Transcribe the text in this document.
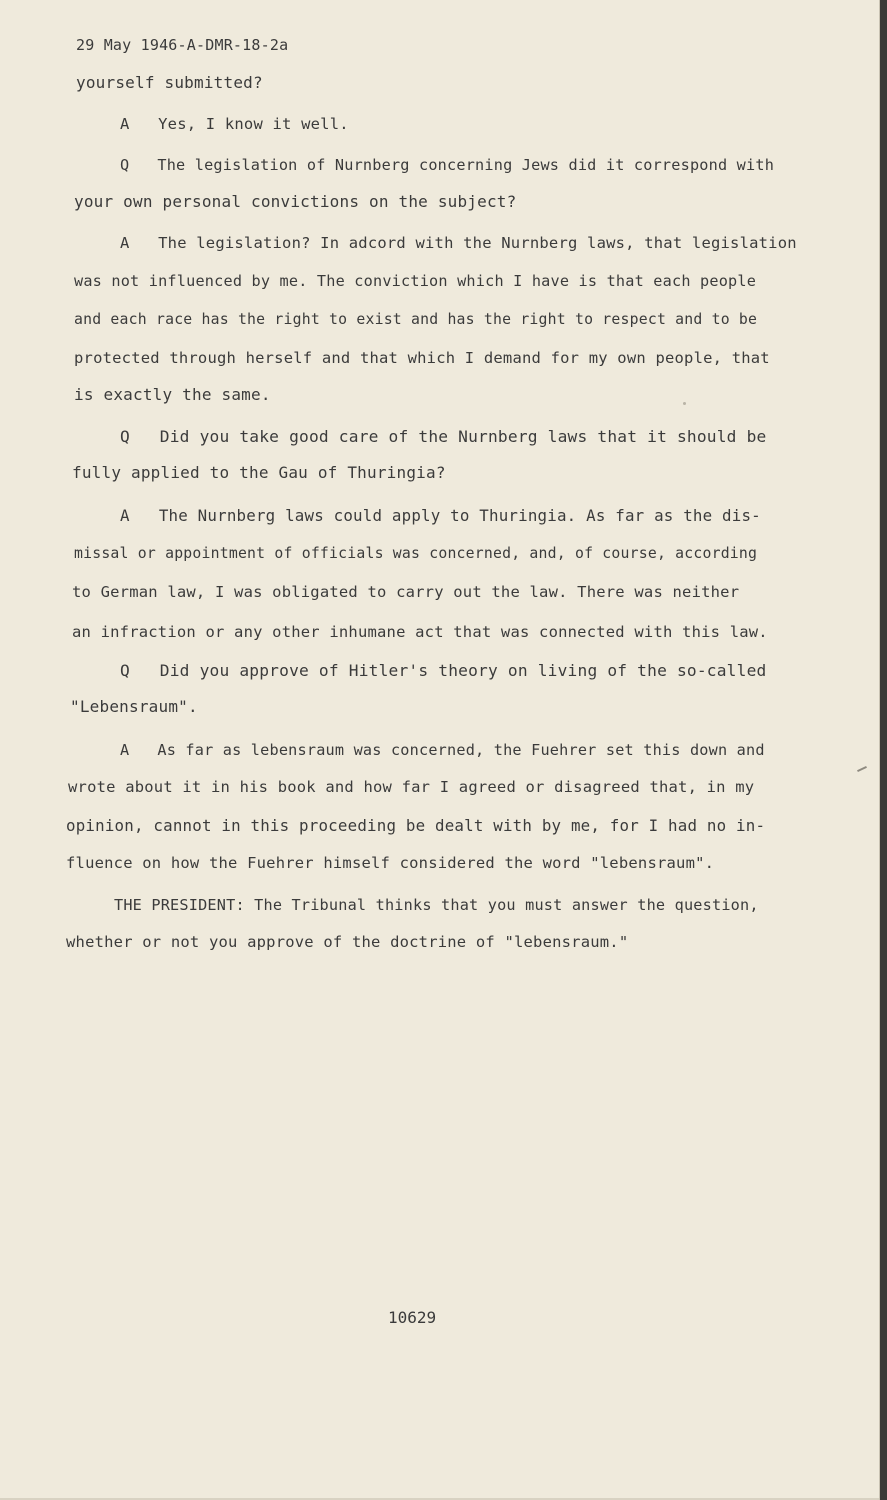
29 May 1946-A-DMR-18-2a
yourself submitted?
A   Yes, I know it well.
Q   The legislation of Nurnberg concerning Jews did it correspond with
your own personal convictions on the subject?
A   The legislation? In adcord with the Nurnberg laws, that legislation
was not influenced by me. The conviction which I have is that each people
and each race has the right to exist and has the right to respect and to be
protected through herself and that which I demand for my own people, that
is exactly the same.
Q   Did you take good care of the Nurnberg laws that it should be
fully applied to the Gau of Thuringia?
A   The Nurnberg laws could apply to Thuringia. As far as the dis-
missal or appointment of officials was concerned, and, of course, according
to German law, I was obligated to carry out the law. There was neither
an infraction or any other inhumane act that was connected with this law.
Q   Did you approve of Hitler's theory on living of the so-called
"Lebensraum".
A   As far as lebensraum was concerned, the Fuehrer set this down and
wrote about it in his book and how far I agreed or disagreed that, in my
opinion, cannot in this proceeding be dealt with by me, for I had no in-
fluence on how the Fuehrer himself considered the word "lebensraum".
THE PRESIDENT: The Tribunal thinks that you must answer the question,
whether or not you approve of the doctrine of "lebensraum."
10629
